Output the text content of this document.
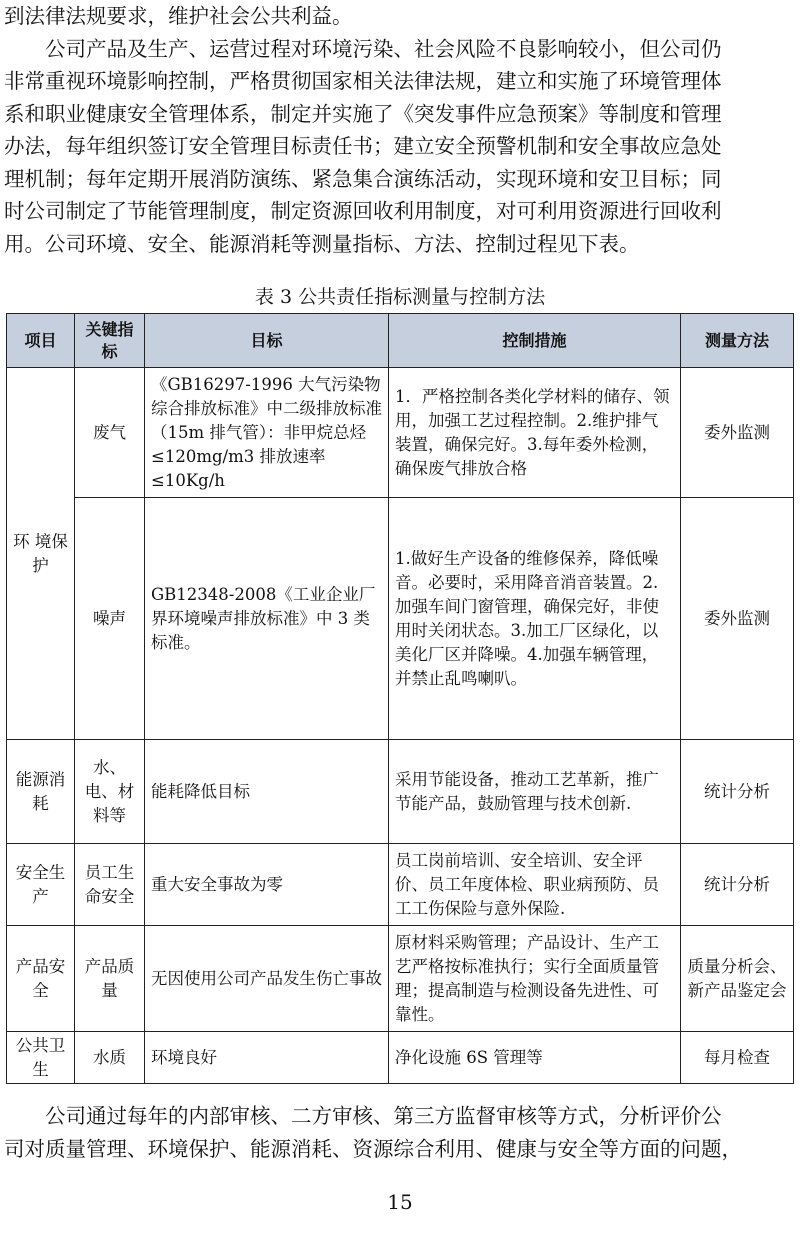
到法律法规要求，维护社会公共利益。
公司产品及生产、运营过程对环境污染、社会风险不良影响较小，但公司仍
非常重视环境影响控制，严格贯彻国家相关法律法规，建立和实施了环境管理体
系和职业健康安全管理体系，制定并实施了《突发事件应急预案》等制度和管理
办法，每年组织签订安全管理目标责任书；建立安全预警机制和安全事故应急处
理机制；每年定期开展消防演练、紧急集合演练活动，实现环境和安卫目标；同
时公司制定了节能管理制度，制定资源回收利用制度，对可利用资源进行回收利
用。公司环境、安全、能源消耗等测量指标、方法、控制过程见下表。
表 3 公共责任指标测量与控制方法
项目	关键指标	目标	控制措施	测量方法
环 境保护	废气	《GB16297-1996 大气污染物综合排放标准》中二级排放标准（15m 排气管）：非甲烷总烃≤120mg/m3 排放速率≤10Kg/h	1．严格控制各类化学材料的储存、领用，加强工艺过程控制。2.维护排气装置，确保完好。3.每年委外检测，确保废气排放合格	委外监测
	噪声	GB12348-2008《工业企业厂界环境噪声排放标准》中 3 类标准。	1.做好生产设备的维修保养，降低噪音。必要时，采用降音消音装置。2.加强车间门窗管理，确保完好，非使用时关闭状态。3.加工厂区绿化，以美化厂区并降噪。4.加强车辆管理，并禁止乱鸣喇叭。	委外监测
能源消耗	水、电、材料等	能耗降低目标	采用节能设备，推动工艺革新，推广节能产品，鼓励管理与技术创新.	统计分析
安全生产	员工生命安全	重大安全事故为零	员工岗前培训、安全培训、安全评价、员工年度体检、职业病预防、员工工伤保险与意外保险.	统计分析
产品安全	产品质量	无因使用公司产品发生伤亡事故	原材料采购管理；产品设计、生产工艺严格按标准执行；实行全面质量管理；提高制造与检测设备先进性、可靠性。	质量分析会、新产品鉴定会
公共卫生	水质	环境良好	净化设施 6S 管理等	每月检查
公司通过每年的内部审核、二方审核、第三方监督审核等方式，分析评价公
司对质量管理、环境保护、能源消耗、资源综合利用、健康与安全等方面的问题，
15
